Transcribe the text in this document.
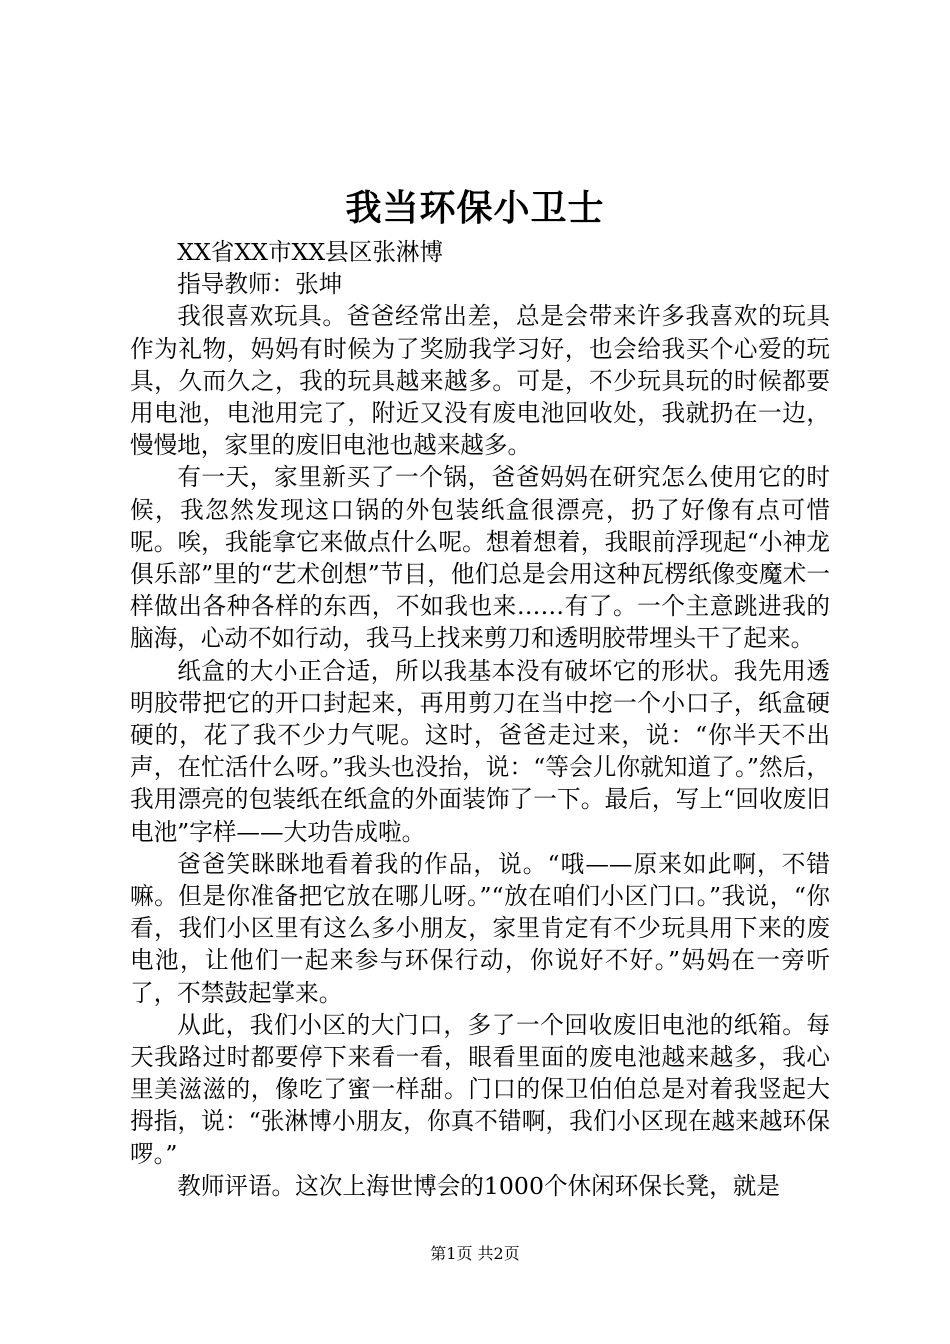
我当环保小卫士

XX省XX市XX县区张淋博

指导教师：张坤

我很喜欢玩具。爸爸经常出差，总是会带来许多我喜欢的玩具作为礼物，妈妈有时候为了奖励我学习好，也会给我买个心爱的玩具，久而久之，我的玩具越来越多。可是，不少玩具玩的时候都要用电池，电池用完了，附近又没有废电池回收处，我就扔在一边，慢慢地，家里的废旧电池也越来越多。

有一天，家里新买了一个锅，爸爸妈妈在研究怎么使用它的时候，我忽然发现这口锅的外包装纸盒很漂亮，扔了好像有点可惜呢。唉，我能拿它来做点什么呢。想着想着，我眼前浮现起“小神龙俱乐部”里的“艺术创想”节目，他们总是会用这种瓦楞纸像变魔术一样做出各种各样的东西，不如我也来……有了。一个主意跳进我的脑海，心动不如行动，我马上找来剪刀和透明胶带埋头干了起来。

纸盒的大小正合适，所以我基本没有破坏它的形状。我先用透明胶带把它的开口封起来，再用剪刀在当中挖一个小口子，纸盒硬硬的，花了我不少力气呢。这时，爸爸走过来，说：“你半天不出声，在忙活什么呀。”我头也没抬，说：“等会儿你就知道了。”然后，我用漂亮的包装纸在纸盒的外面装饰了一下。最后，写上“回收废旧电池”字样——大功告成啦。

爸爸笑眯眯地看着我的作品，说。“哦——原来如此啊，不错嘛。但是你准备把它放在哪儿呀。”“放在咱们小区门口。”我说，“你看，我们小区里有这么多小朋友，家里肯定有不少玩具用下来的废电池，让他们一起来参与环保行动，你说好不好。”妈妈在一旁听了，不禁鼓起掌来。

从此，我们小区的大门口，多了一个回收废旧电池的纸箱。每天我路过时都要停下来看一看，眼看里面的废电池越来越多，我心里美滋滋的，像吃了蜜一样甜。门口的保卫伯伯总是对着我竖起大拇指，说：“张淋博小朋友，你真不错啊，我们小区现在越来越环保啰。”

教师评语。这次上海世博会的1000个休闲环保长凳，就是

第1页 共2页
